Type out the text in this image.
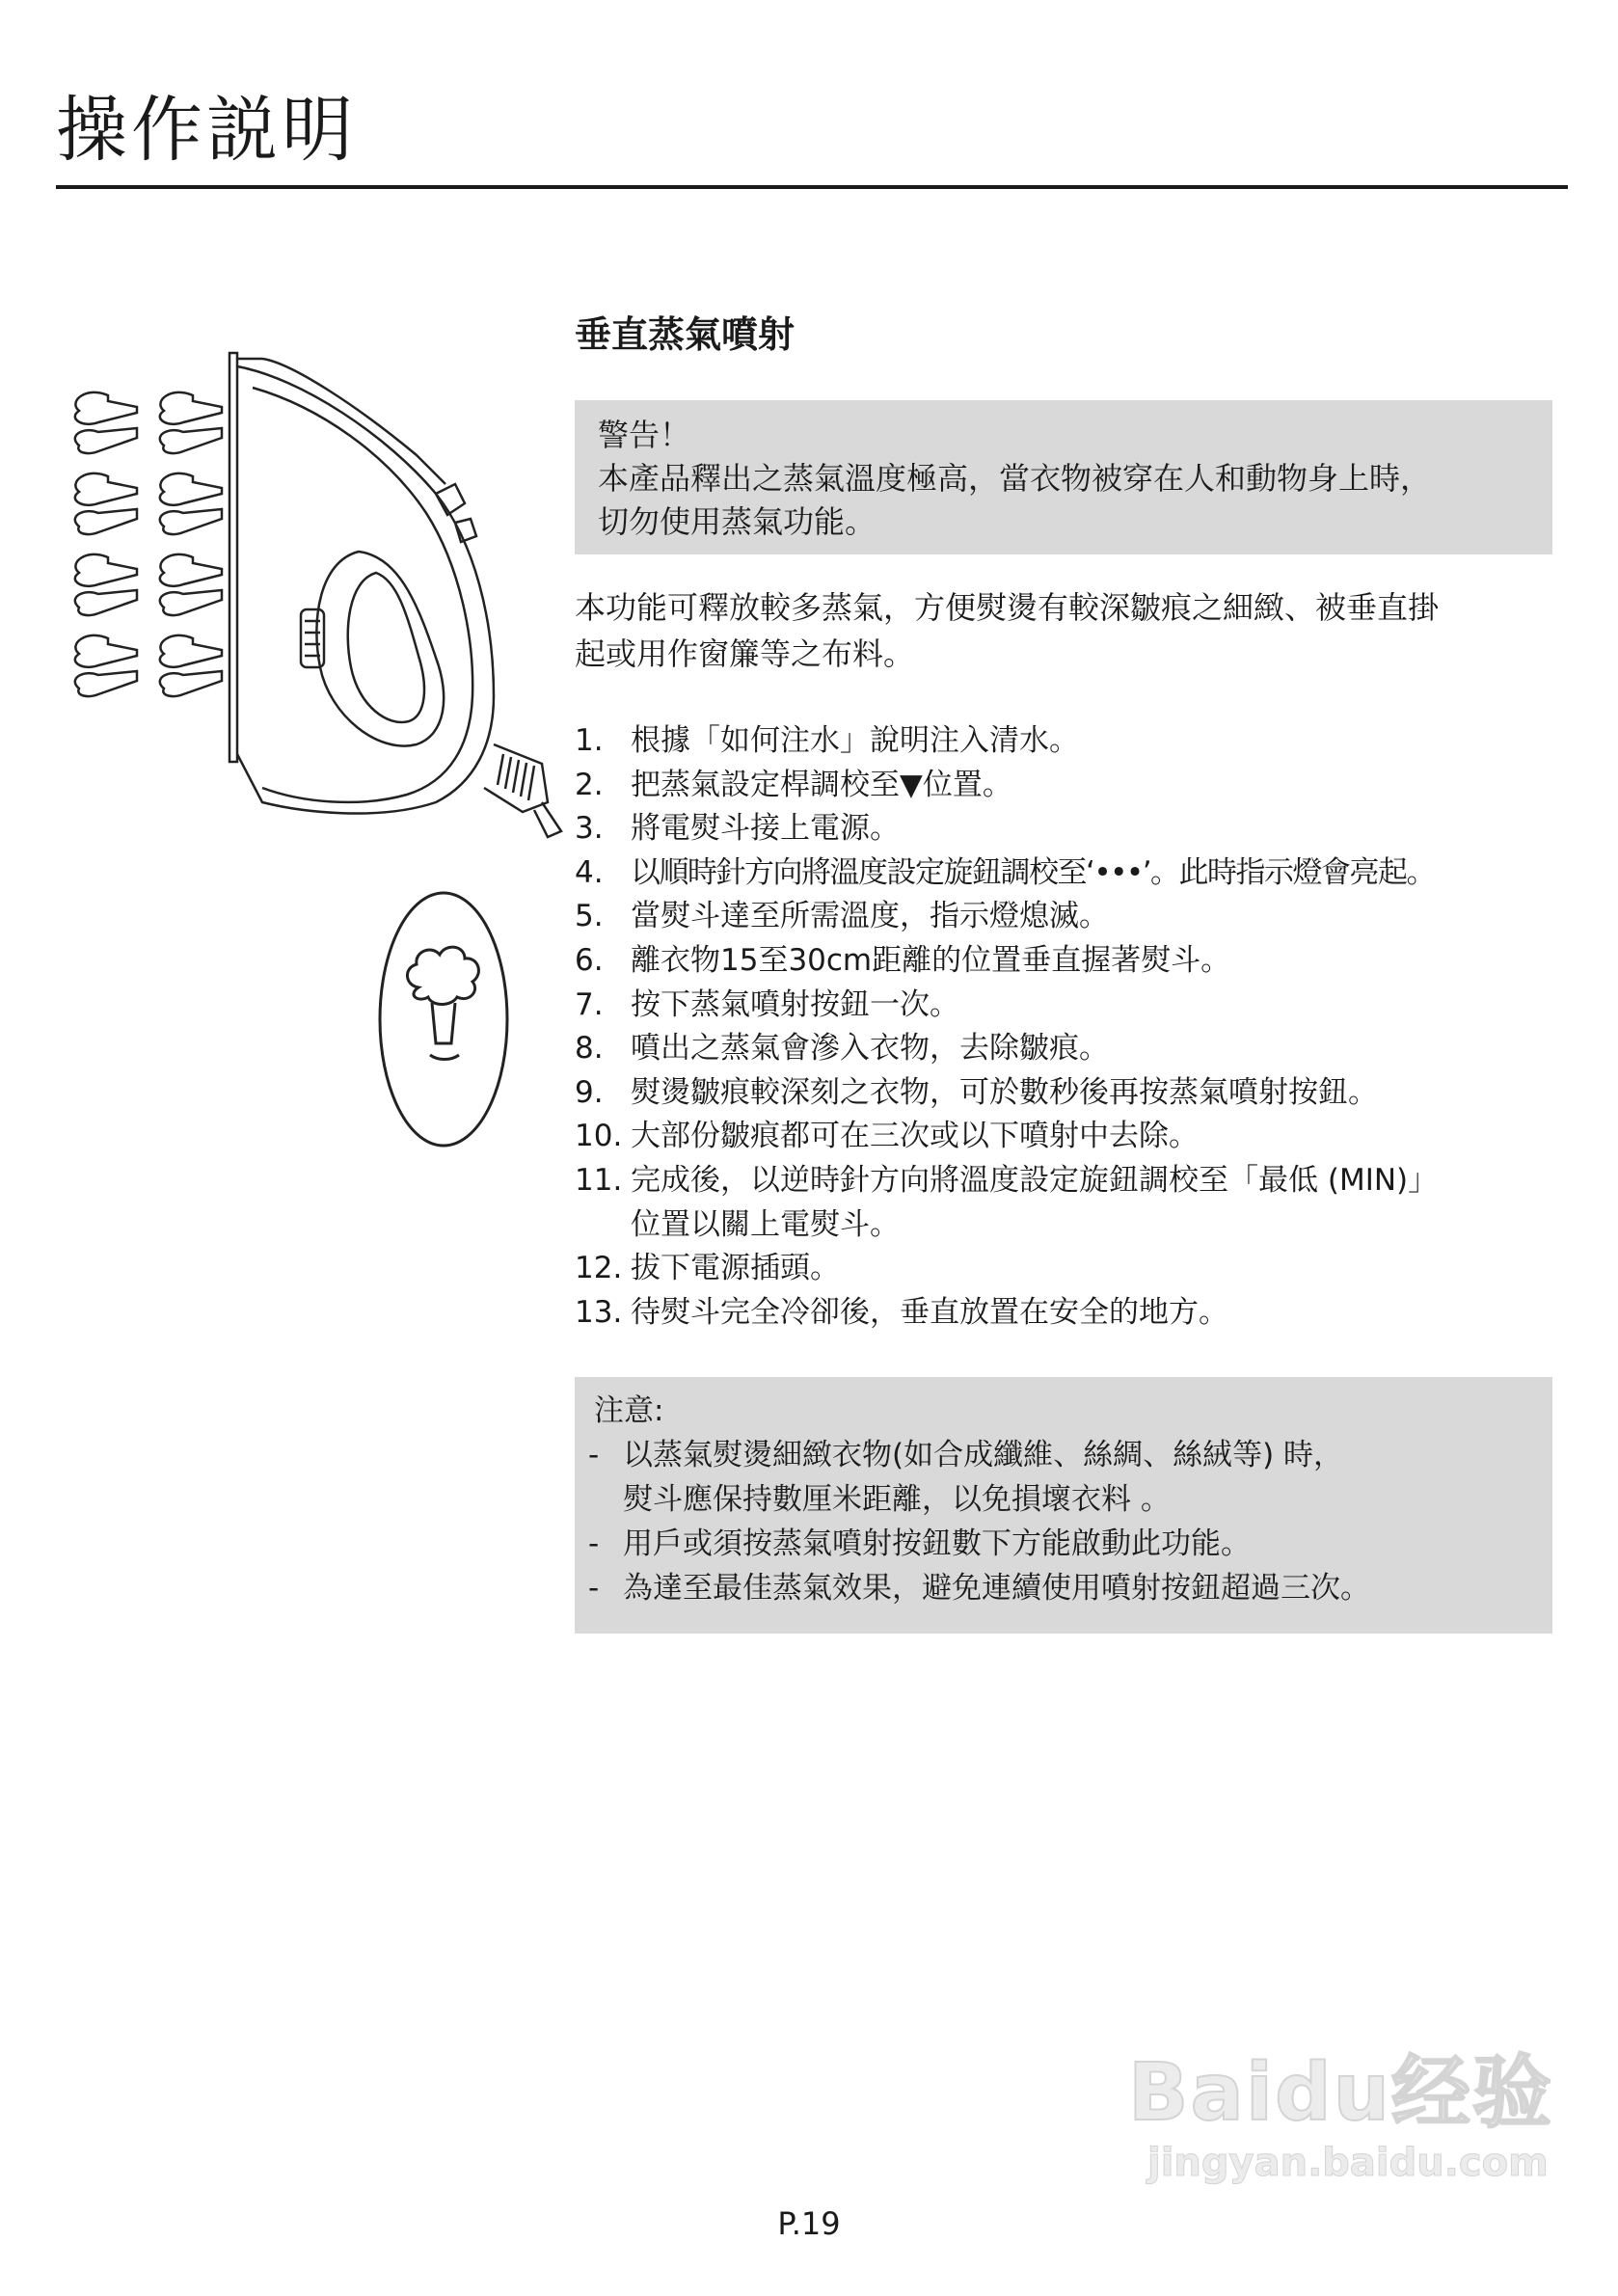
操作説明
垂直蒸氣噴射
警告！
本產品釋出之蒸氣溫度極高，當衣物被穿在人和動物身上時，
切勿使用蒸氣功能。
本功能可釋放較多蒸氣，方便熨燙有較深皺痕之細緻、被垂直掛
起或用作窗簾等之布料。
1. 根據「如何注水」說明注入清水。
2. 把蒸氣設定桿調校至▼位置。
3. 將電熨斗接上電源。
4. 以順時針方向將溫度設定旋鈕調校至‘•••’。此時指示燈會亮起。
5. 當熨斗達至所需溫度，指示燈熄滅。
6. 離衣物15至30cm距離的位置垂直握著熨斗。
7. 按下蒸氣噴射按鈕一次。
8. 噴出之蒸氣會滲入衣物，去除皺痕。
9. 熨燙皺痕較深刻之衣物，可於數秒後再按蒸氣噴射按鈕。
10. 大部份皺痕都可在三次或以下噴射中去除。
11. 完成後，以逆時針方向將溫度設定旋鈕調校至「最低 (MIN)」
位置以關上電熨斗。
12. 拔下電源插頭。
13. 待熨斗完全冷卻後，垂直放置在安全的地方。
注意:
- 以蒸氣熨燙細緻衣物(如合成纖維、絲綢、絲絨等) 時，
熨斗應保持數厘米距離，以免損壞衣料 。
- 用戶或須按蒸氣噴射按鈕數下方能啟動此功能。
- 為達至最佳蒸氣效果，避免連續使用噴射按鈕超過三次。
Baidu经验
jingyan.baidu.com
P.19
